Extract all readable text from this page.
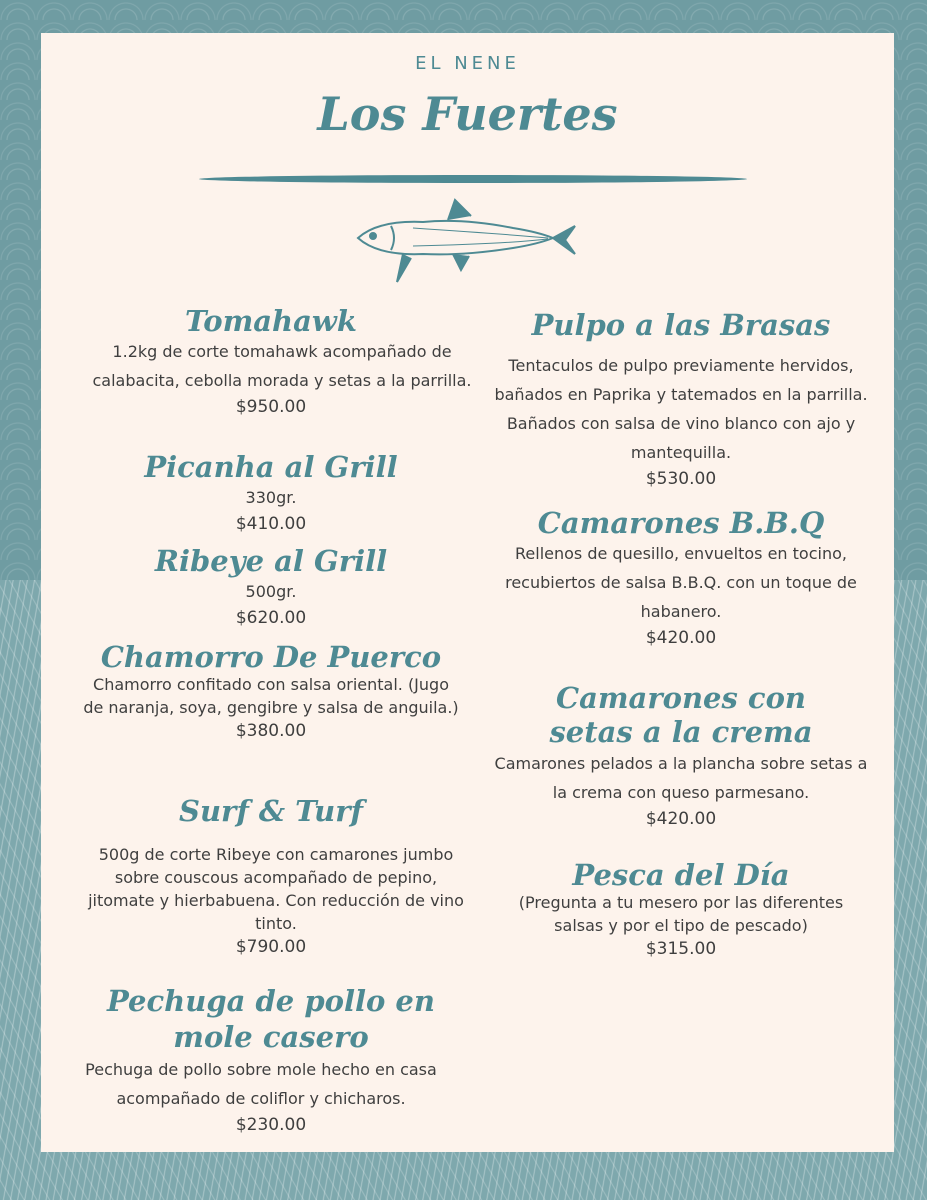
EL NENE
Los Fuertes

Tomahawk

1.2kg de corte tomahawk acompañado de calabacita, cebolla morada y setas a la parrilla.

$950.00

Picanha al Grill

330gr.

$410.00

Ribeye al Grill

500gr.

$620.00

Chamorro De Puerco

Chamorro confitado con salsa oriental. (Jugo de naranja, soya, gengibre y salsa de anguila.)

$380.00

Surf & Turf

500g de corte Ribeye con camarones jumbo sobre couscous acompañado de pepino, jitomate y hierbabuena. Con reducción de vino tinto.

$790.00

Pechuga de pollo en mole casero

Pechuga de pollo sobre mole hecho en casa acompañado de coliflor y chicharos.

$230.00

Pulpo a las Brasas

Tentaculos de pulpo previamente hervidos, bañados en Paprika y tatemados en la parrilla. Bañados con salsa de vino blanco con ajo y mantequilla.

$530.00

Camarones B.B.Q

Rellenos de quesillo, envueltos en tocino, recubiertos de salsa B.B.Q. con un toque de habanero.

$420.00

Camarones con setas a la crema

Camarones pelados a la plancha sobre setas a la crema con queso parmesano.

$420.00

Pesca del Día

(Pregunta a tu mesero por las diferentes salsas y por el tipo de pescado)

$315.00
